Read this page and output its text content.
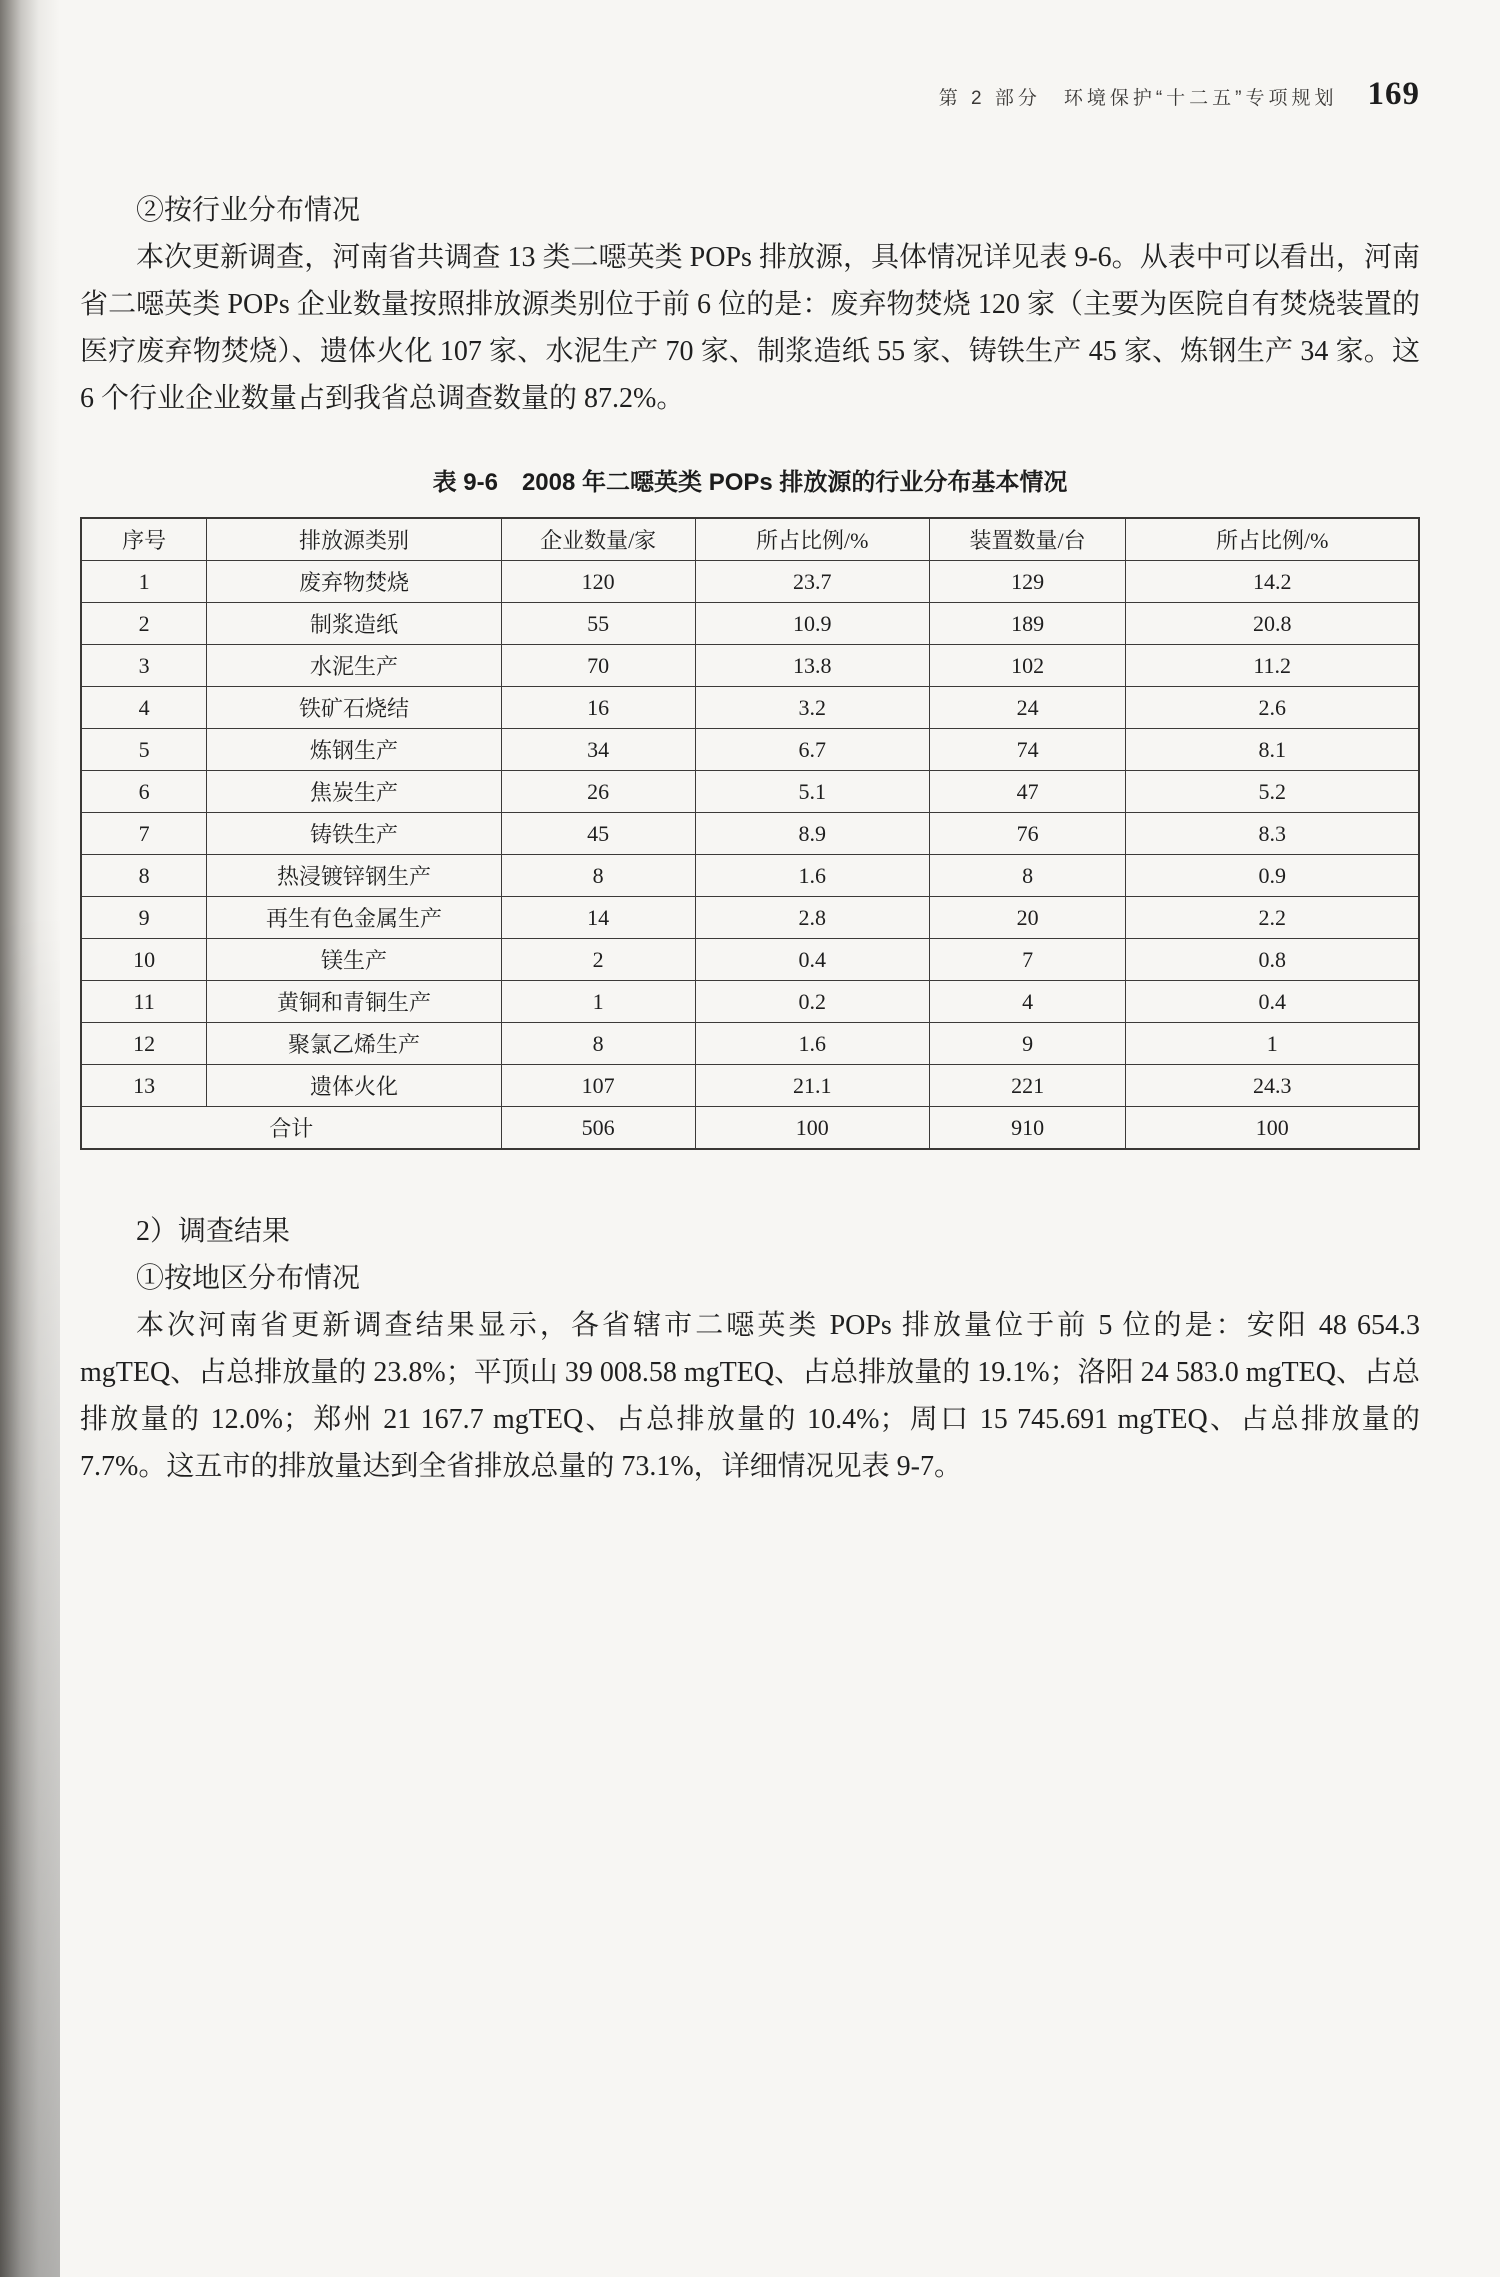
第 2 部分　环境保护“十二五”专项规划 169
②按行业分布情况

本次更新调查，河南省共调查 13 类二噁英类 POPs 排放源，具体情况详见表 9-6。从表中可以看出，河南省二噁英类 POPs 企业数量按照排放源类别位于前 6 位的是：废弃物焚烧 120 家（主要为医院自有焚烧装置的医疗废弃物焚烧）、遗体火化 107 家、水泥生产 70 家、制浆造纸 55 家、铸铁生产 45 家、炼钢生产 34 家。这 6 个行业企业数量占到我省总调查数量的 87.2%。

表 9-6　2008 年二噁英类 POPs 排放源的行业分布基本情况
序号	排放源类别	企业数量/家	所占比例/%	装置数量/台	所占比例/%
1	废弃物焚烧	120	23.7	129	14.2
2	制浆造纸	55	10.9	189	20.8
3	水泥生产	70	13.8	102	11.2
4	铁矿石烧结	16	3.2	24	2.6
5	炼钢生产	34	6.7	74	8.1
6	焦炭生产	26	5.1	47	5.2
7	铸铁生产	45	8.9	76	8.3
8	热浸镀锌钢生产	8	1.6	8	0.9
9	再生有色金属生产	14	2.8	20	2.2
10	镁生产	2	0.4	7	0.8
11	黄铜和青铜生产	1	0.2	4	0.4
12	聚氯乙烯生产	8	1.6	9	1
13	遗体火化	107	21.1	221	24.3
合计		506	100	910	100
2）调查结果
①按地区分布情况

本次河南省更新调查结果显示，各省辖市二噁英类 POPs 排放量位于前 5 位的是：安阳 48 654.3 mgTEQ、占总排放量的 23.8%；平顶山 39 008.58 mgTEQ、占总排放量的 19.1%；洛阳 24 583.0 mgTEQ、占总排放量的 12.0%；郑州 21 167.7 mgTEQ、占总排放量的 10.4%；周口 15 745.691 mgTEQ、占总排放量的 7.7%。这五市的排放量达到全省排放总量的 73.1%，详细情况见表 9-7。
